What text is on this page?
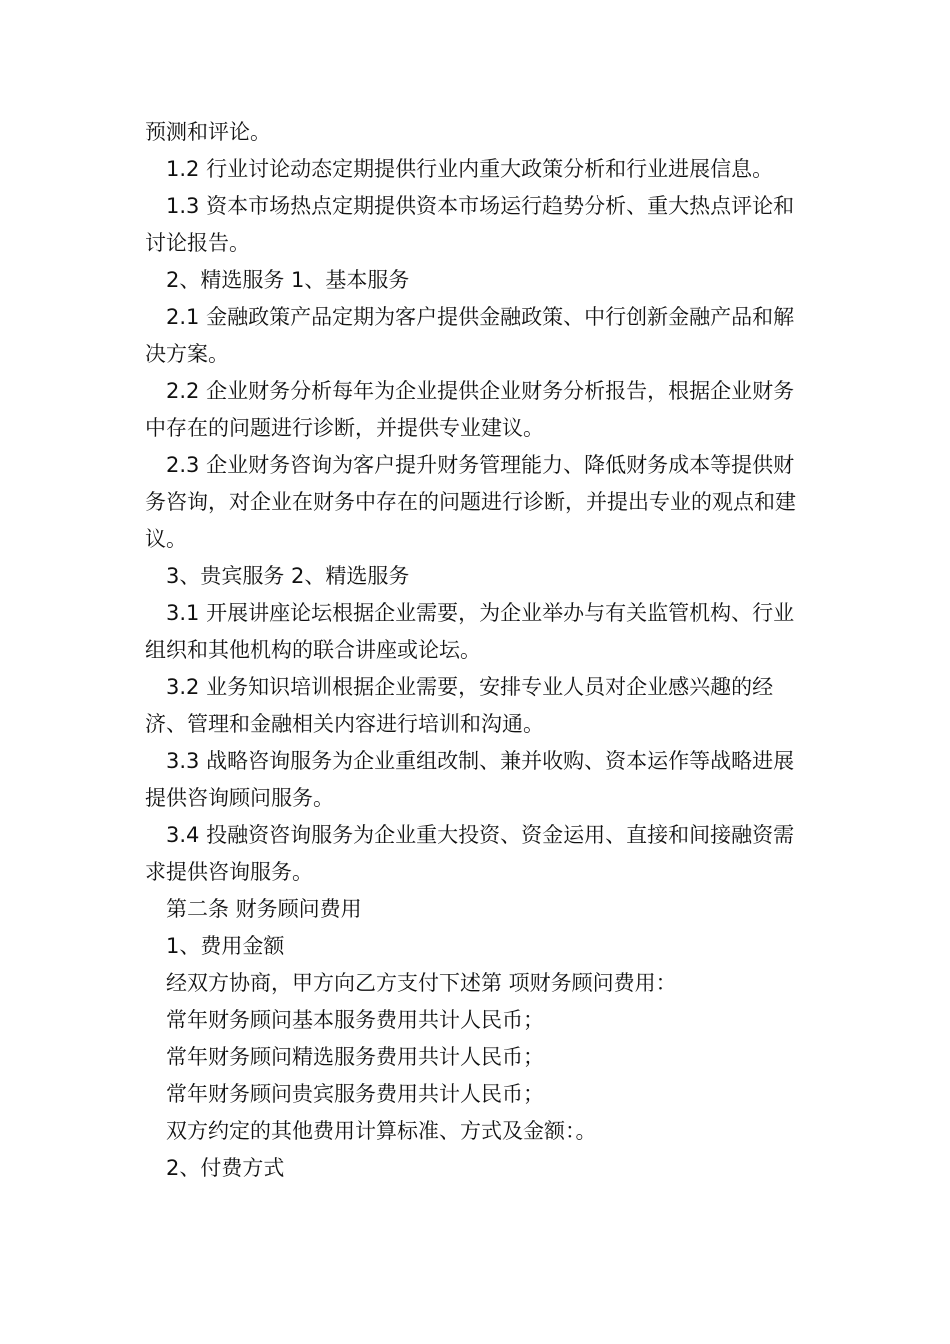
预测和评论。

1.2 行业讨论动态定期提供行业内重大政策分析和行业进展信息。

1.3 资本市场热点定期提供资本市场运行趋势分析、重大热点评论和讨论报告。

2、精选服务 1、基本服务

2.1 金融政策产品定期为客户提供金融政策、中行创新金融产品和解决方案。

2.2 企业财务分析每年为企业提供企业财务分析报告，根据企业财务中存在的问题进行诊断，并提供专业建议。

2.3 企业财务咨询为客户提升财务管理能力、降低财务成本等提供财务咨询，对企业在财务中存在的问题进行诊断，并提出专业的观点和建议。

3、贵宾服务 2、精选服务

3.1 开展讲座论坛根据企业需要，为企业举办与有关监管机构、行业组织和其他机构的联合讲座或论坛。

3.2 业务知识培训根据企业需要，安排专业人员对企业感兴趣的经济、管理和金融相关内容进行培训和沟通。

3.3 战略咨询服务为企业重组改制、兼并收购、资本运作等战略进展提供咨询顾问服务。

3.4 投融资咨询服务为企业重大投资、资金运用、直接和间接融资需求提供咨询服务。

第二条 财务顾问费用

1、费用金额

经双方协商，甲方向乙方支付下述第 项财务顾问费用：

常年财务顾问基本服务费用共计人民币；

常年财务顾问精选服务费用共计人民币；

常年财务顾问贵宾服务费用共计人民币；

双方约定的其他费用计算标准、方式及金额：。

2、付费方式
